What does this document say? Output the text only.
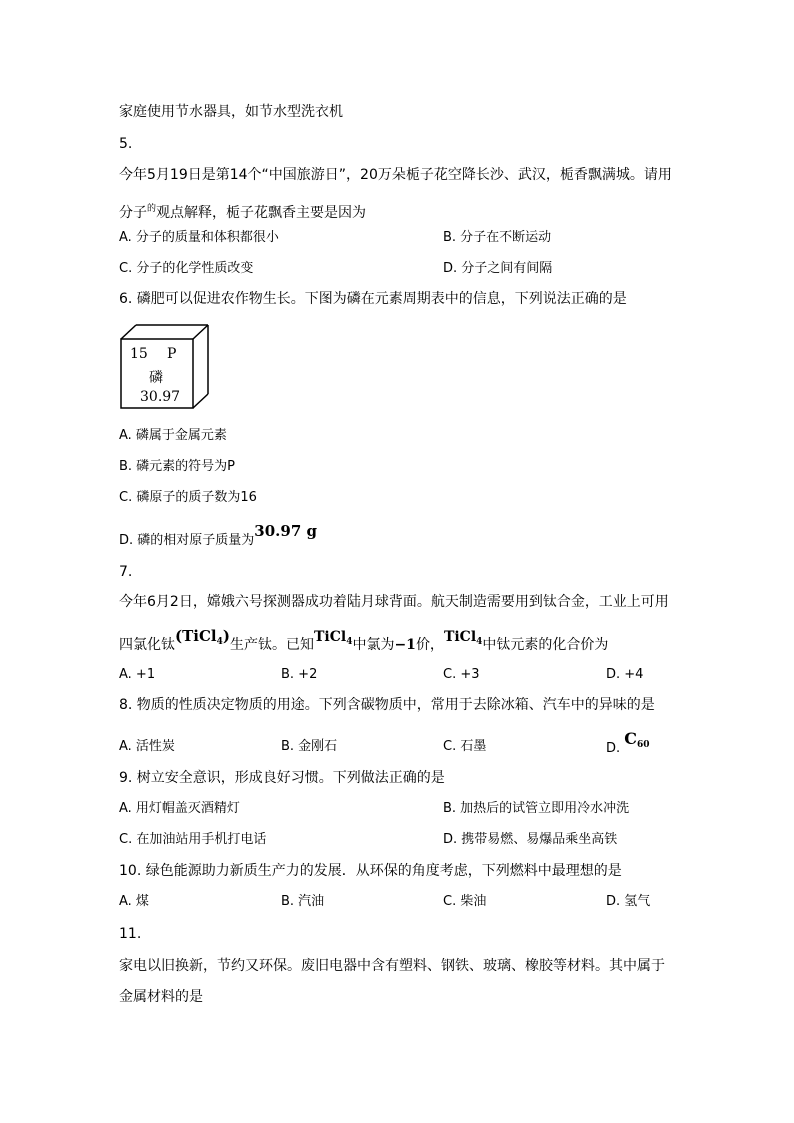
家庭使用节水器具，如节水型洗衣机
5.
今年5月19日是第14个“中国旅游日”，20万朵栀子花空降长沙、武汉，栀香飘满城。请用
分子$^的$观点解释，栀子花飘香主要是因为
A. 分子的质量和体积都很小	B. 分子在不断运动
C. 分子的化学性质改变	D. 分子之间有间隔
6. 磷肥可以促进农作物生长。下图为磷在元素周期表中的信息，下列说法正确的是
15 P
磷
30.97
A. 磷属于金属元素
B. 磷元素的符号为P
C. 磷原子的质子数为16
D. 磷的相对原子质量为30.97 g
7.
今年6月2日，嫦娥六号探测器成功着陆月球背面。航天制造需要用到钛合金，工业上可用
四氯化钛(TiCl$_4$)生产钛。已知TiCl$_4$中氯为−1价，TiCl$_4$中钛元素的化合价为
A. +1	B. +2	C. +3	D. +4
8. 物质的性质决定物质的用途。下列含碳物质中，常用于去除冰箱、汽车中的异味的是
A. 活性炭	B. 金刚石	C. 石墨	D. $C_{60}$
9. 树立安全意识，形成良好习惯。下列做法正确的是
A. 用灯帽盖灭酒精灯	B. 加热后的试管立即用冷水冲洗
C. 在加油站用手机打电话	D. 携带易燃、易爆品乘坐高铁
10. 绿色能源助力新质生产力的发展．从环保的角度考虑，下列燃料中最理想的是
A. 煤	B. 汽油	C. 柴油	D. 氢气
11.
家电以旧换新，节约又环保。废旧电器中含有塑料、钢铁、玻璃、橡胶等材料。其中属于
金属材料的是
